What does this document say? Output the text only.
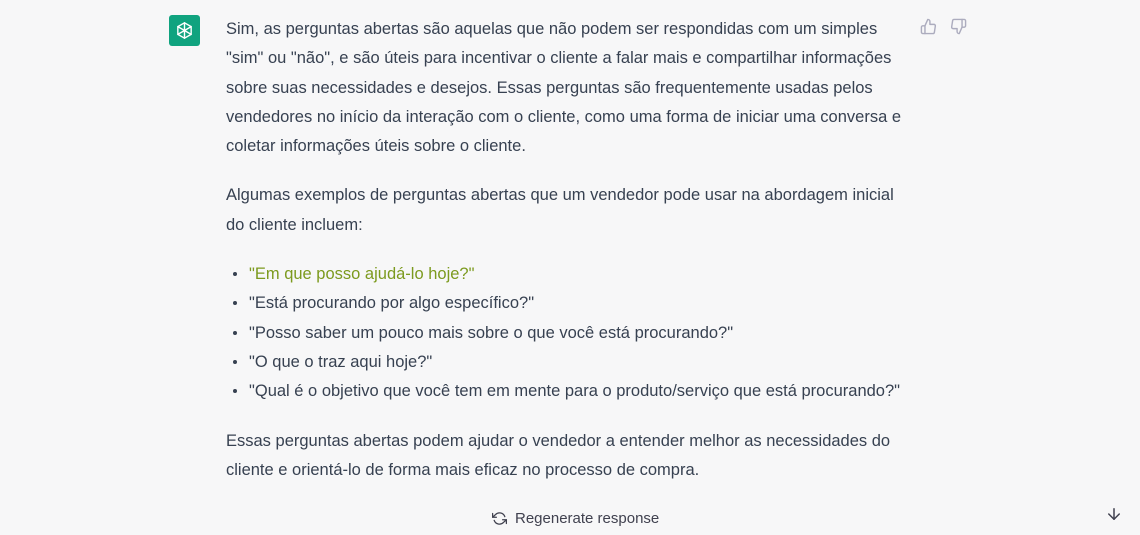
Sim, as perguntas abertas são aquelas que não podem ser respondidas com um simples "sim" ou "não", e são úteis para incentivar o cliente a falar mais e compartilhar informações sobre suas necessidades e desejos. Essas perguntas são frequentemente usadas pelos vendedores no início da interação com o cliente, como uma forma de iniciar uma conversa e coletar informações úteis sobre o cliente.

Algumas exemplos de perguntas abertas que um vendedor pode usar na abordagem inicial do cliente incluem:

"Em que posso ajudá-lo hoje?"
"Está procurando por algo específico?"
"Posso saber um pouco mais sobre o que você está procurando?"
"O que o traz aqui hoje?"
"Qual é o objetivo que você tem em mente para o produto/serviço que está procurando?"

Essas perguntas abertas podem ajudar o vendedor a entender melhor as necessidades do cliente e orientá-lo de forma mais eficaz no processo de compra.

Regenerate response
